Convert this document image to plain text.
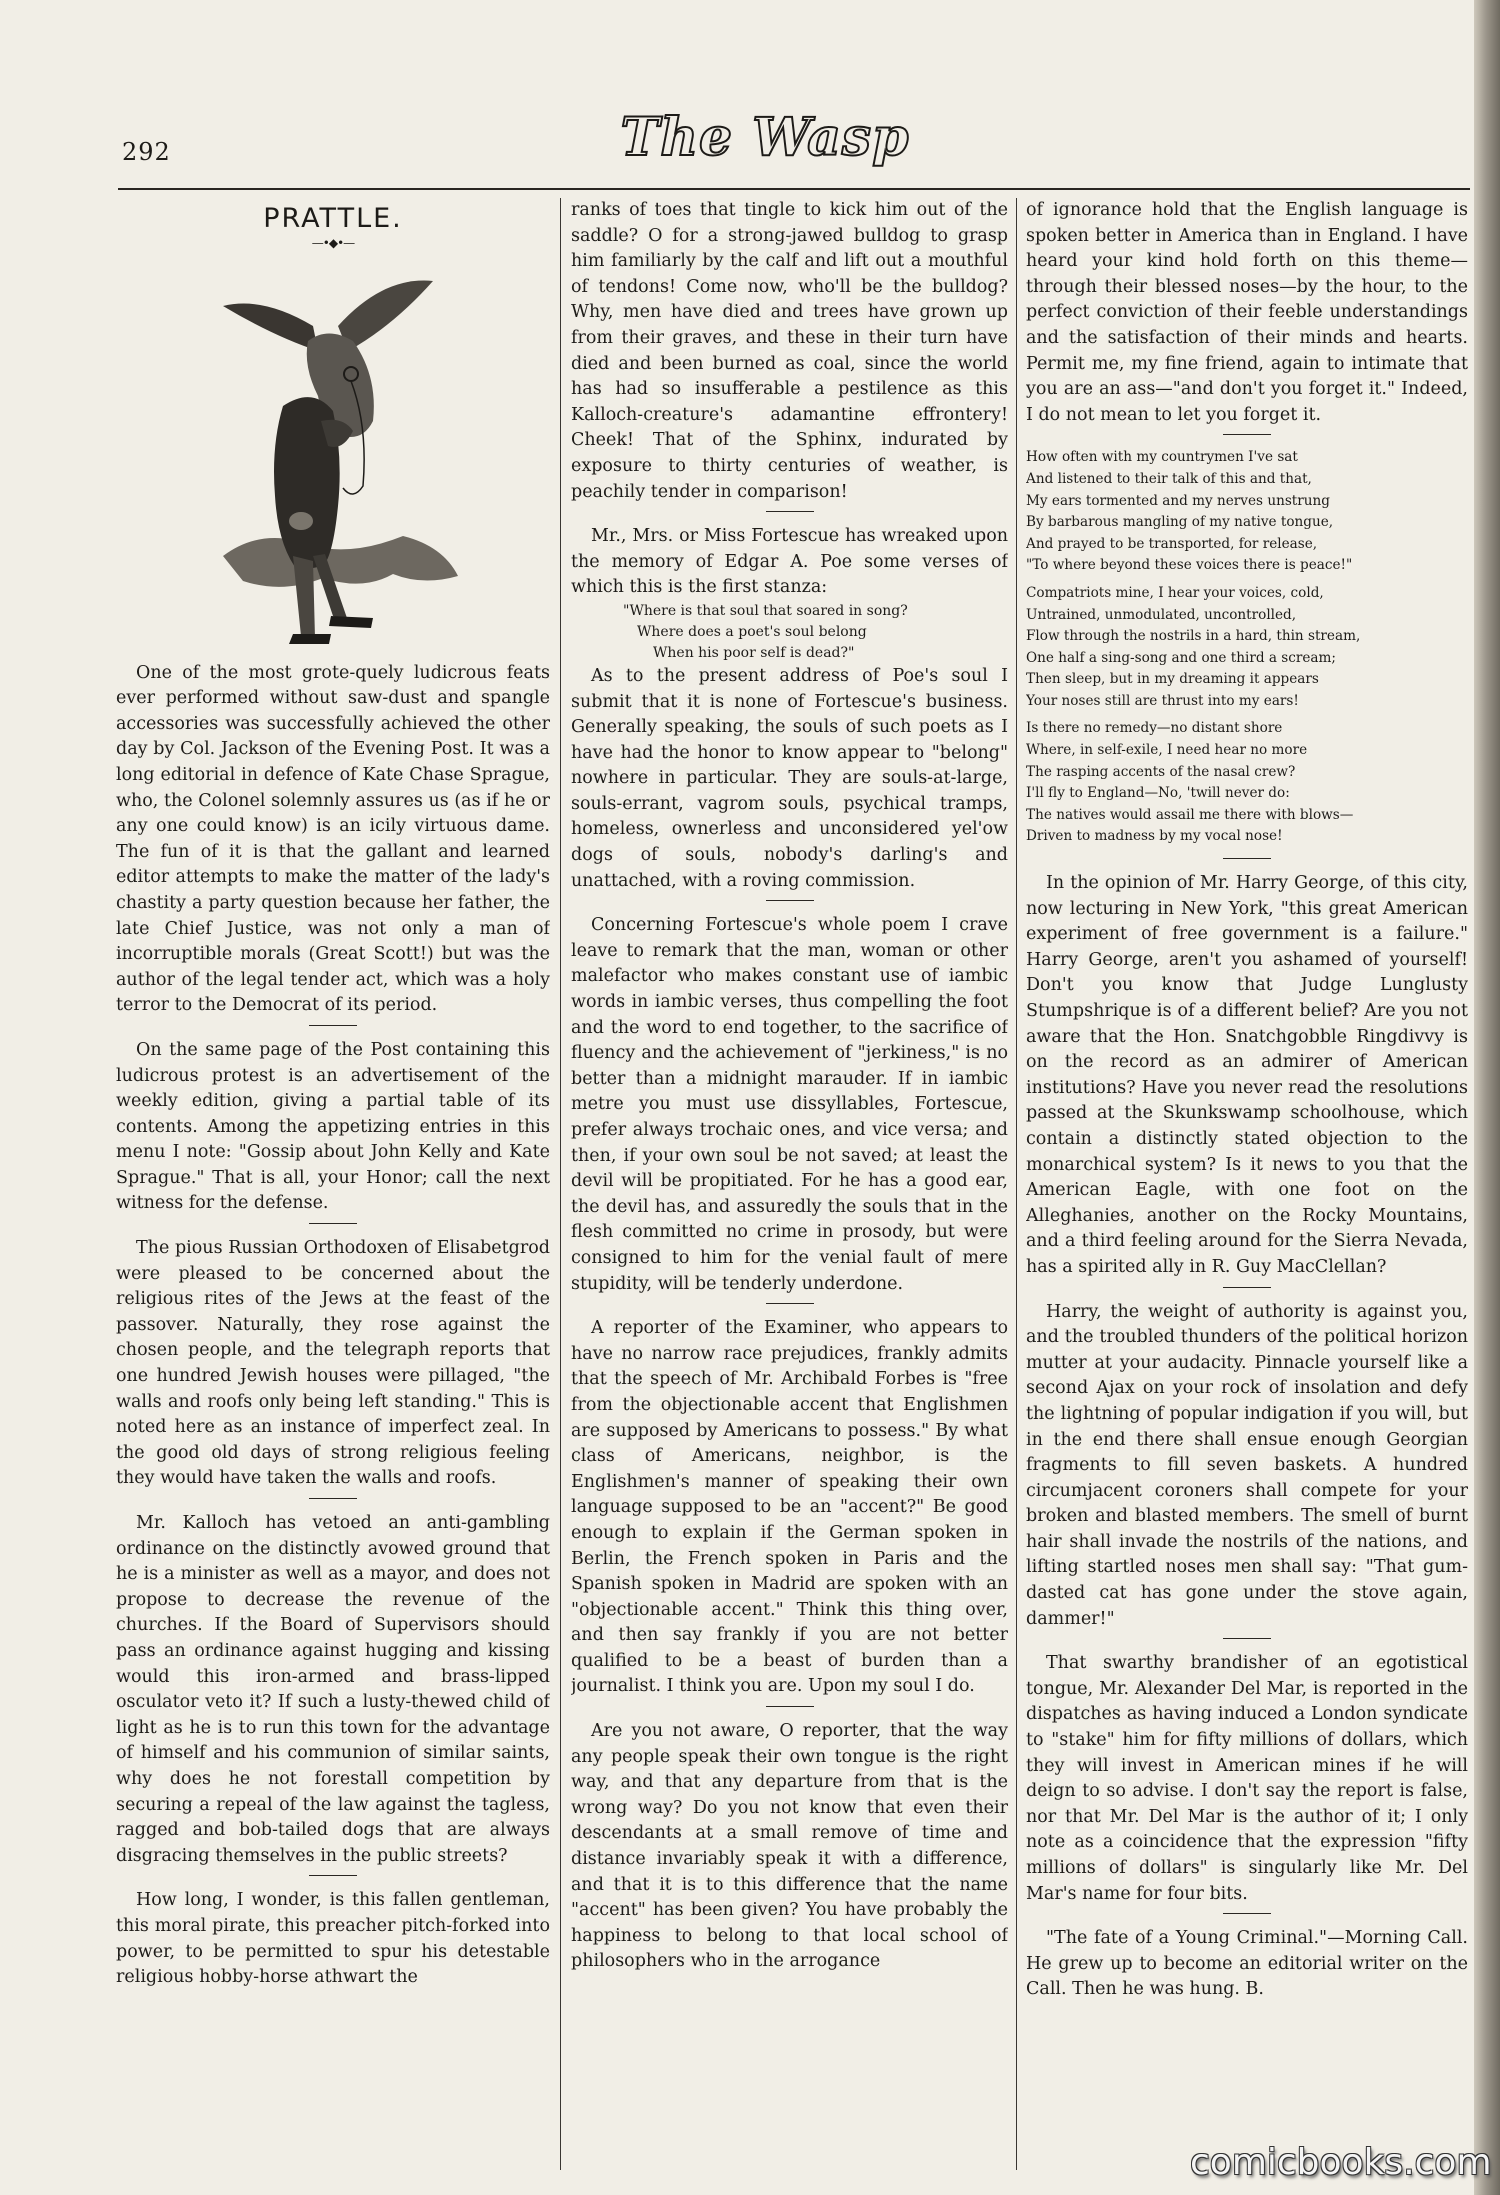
292	The Wasp
PRATTLE.
—•◆•—

One of the most grote-quely ludicrous feats ever performed without saw-dust and spangle accessories was successfully achieved the other day by Col. Jackson of the Evening Post. It was a long editorial in defence of Kate Chase Sprague, who, the Colonel solemnly assures us (as if he or any one could know) is an icily virtuous dame. The fun of it is that the gallant and learned editor attempts to make the matter of the lady's chastity a party question because her father, the late Chief Justice, was not only a man of incorruptible morals (Great Scott!) but was the author of the legal tender act, which was a holy terror to the Democrat of its period.

On the same page of the Post containing this ludicrous protest is an advertisement of the weekly edition, giving a partial table of its contents. Among the appetizing entries in this menu I note: "Gossip about John Kelly and Kate Sprague." That is all, your Honor; call the next witness for the defense.

The pious Russian Orthodoxen of Elisabetgrod were pleased to be concerned about the religious rites of the Jews at the feast of the passover. Naturally, they rose against the chosen people, and the telegraph reports that one hundred Jewish houses were pillaged, "the walls and roofs only being left standing." This is noted here as an instance of imperfect zeal. In the good old days of strong religious feeling they would have taken the walls and roofs.

Mr. Kalloch has vetoed an anti-gambling ordinance on the distinctly avowed ground that he is a minister as well as a mayor, and does not propose to decrease the revenue of the churches. If the Board of Supervisors should pass an ordinance against hugging and kissing would this iron-armed and brass-lipped osculator veto it? If such a lusty-thewed child of light as he is to run this town for the advantage of himself and his communion of similar saints, why does he not forestall competition by securing a repeal of the law against the tagless, ragged and bob-tailed dogs that are always disgracing themselves in the public streets?

How long, I wonder, is this fallen gentleman, this moral pirate, this preacher pitch-forked into power, to be permitted to spur his detestable religious hobby-horse athwart the

ranks of toes that tingle to kick him out of the saddle? O for a strong-jawed bulldog to grasp him familiarly by the calf and lift out a mouthful of tendons! Come now, who'll be the bulldog? Why, men have died and trees have grown up from their graves, and these in their turn have died and been burned as coal, since the world has had so insufferable a pestilence as this Kalloch-creature's adamantine effrontery! Cheek! That of the Sphinx, indurated by exposure to thirty centuries of weather, is peachily tender in comparison!

Mr., Mrs. or Miss Fortescue has wreaked upon the memory of Edgar A. Poe some verses of which this is the first stanza:

"Where is that soul that soared in song?
Where does a poet's soul belong
When his poor self is dead?"

As to the present address of Poe's soul I submit that it is none of Fortescue's business. Generally speaking, the souls of such poets as I have had the honor to know appear to "belong" nowhere in particular. They are souls-at-large, souls-errant, vagrom souls, psychical tramps, homeless, ownerless and unconsidered yel'ow dogs of souls, nobody's darling's and unattached, with a roving commission.

Concerning Fortescue's whole poem I crave leave to remark that the man, woman or other malefactor who makes constant use of iambic words in iambic verses, thus compelling the foot and the word to end together, to the sacrifice of fluency and the achievement of "jerkiness," is no better than a midnight marauder. If in iambic metre you must use dissyllables, Fortescue, prefer always trochaic ones, and vice versa; and then, if your own soul be not saved; at least the devil will be propitiated. For he has a good ear, the devil has, and assuredly the souls that in the flesh committed no crime in prosody, but were consigned to him for the venial fault of mere stupidity, will be tenderly underdone.

A reporter of the Examiner, who appears to have no narrow race prejudices, frankly admits that the speech of Mr. Archibald Forbes is "free from the objectionable accent that Englishmen are supposed by Americans to possess." By what class of Americans, neighbor, is the Englishmen's manner of speaking their own language supposed to be an "accent?" Be good enough to explain if the German spoken in Berlin, the French spoken in Paris and the Spanish spoken in Madrid are spoken with an "objectionable accent." Think this thing over, and then say frankly if you are not better qualified to be a beast of burden than a journalist. I think you are. Upon my soul I do.

Are you not aware, O reporter, that the way any people speak their own tongue is the right way, and that any departure from that is the wrong way? Do you not know that even their descendants at a small remove of time and distance invariably speak it with a difference, and that it is to this difference that the name "accent" has been given? You have probably the happiness to belong to that local school of philosophers who in the arrogance

of ignorance hold that the English language is spoken better in America than in England. I have heard your kind hold forth on this theme—through their blessed noses—by the hour, to the perfect conviction of their feeble understandings and the satisfaction of their minds and hearts. Permit me, my fine friend, again to intimate that you are an ass—"and don't you forget it." Indeed, I do not mean to let you forget it.

How often with my countrymen I've sat
And listened to their talk of this and that,
My ears tormented and my nerves unstrung
By barbarous mangling of my native tongue,
And prayed to be transported, for release,
"To where beyond these voices there is peace!"
Compatriots mine, I hear your voices, cold,
Untrained, unmodulated, uncontrolled,
Flow through the nostrils in a hard, thin stream,
One half a sing-song and one third a scream;
Then sleep, but in my dreaming it appears
Your noses still are thrust into my ears!
Is there no remedy—no distant shore
Where, in self-exile, I need hear no more
The rasping accents of the nasal crew?
I'll fly to England—No, 'twill never do:
The natives would assail me there with blows—
Driven to madness by my vocal nose!

In the opinion of Mr. Harry George, of this city, now lecturing in New York, "this great American experiment of free government is a failure." Harry George, aren't you ashamed of yourself! Don't you know that Judge Lunglusty Stumpshrique is of a different belief? Are you not aware that the Hon. Snatchgobble Ringdivvy is on the record as an admirer of American institutions? Have you never read the resolutions passed at the Skunkswamp schoolhouse, which contain a distinctly stated objection to the monarchical system? Is it news to you that the American Eagle, with one foot on the Alleghanies, another on the Rocky Mountains, and a third feeling around for the Sierra Nevada, has a spirited ally in R. Guy MacClellan?

Harry, the weight of authority is against you, and the troubled thunders of the political horizon mutter at your audacity. Pinnacle yourself like a second Ajax on your rock of insolation and defy the lightning of popular indigation if you will, but in the end there shall ensue enough Georgian fragments to fill seven baskets. A hundred circumjacent coroners shall compete for your broken and blasted members. The smell of burnt hair shall invade the nostrils of the nations, and lifting startled noses men shall say: "That gum-dasted cat has gone under the stove again, dammer!"

That swarthy brandisher of an egotistical tongue, Mr. Alexander Del Mar, is reported in the dispatches as having induced a London syndicate to "stake" him for fifty millions of dollars, which they will invest in American mines if he will deign to so advise. I don't say the report is false, nor that Mr. Del Mar is the author of it; I only note as a coincidence that the expression "fifty millions of dollars" is singularly like Mr. Del Mar's name for four bits.

"The fate of a Young Criminal."—Morning Call. He grew up to become an editorial writer on the Call. Then he was hung. B.

comicbooks.com
